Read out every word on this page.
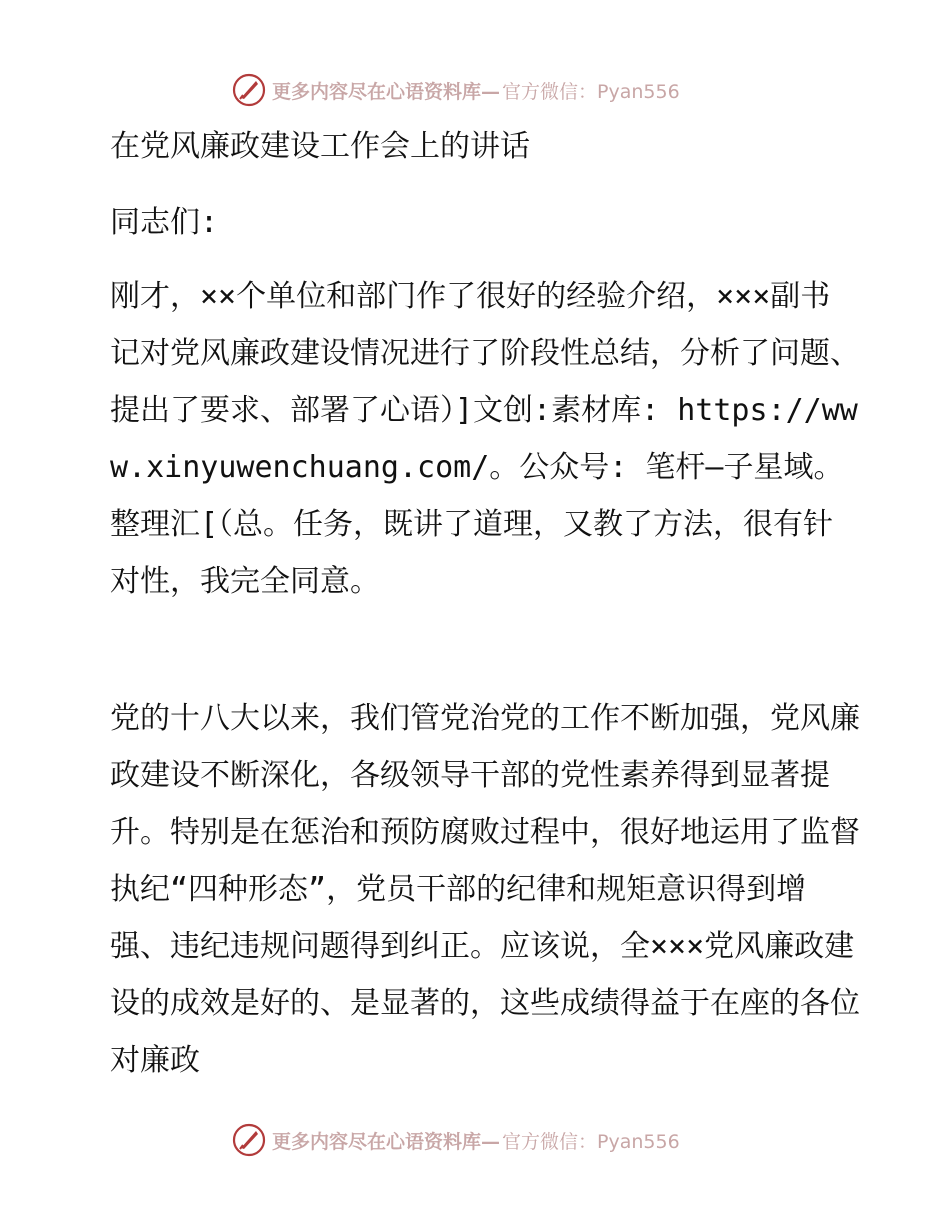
更多内容尽在心语资料库— 官方微信：Pyan556

在党风廉政建设工作会上的讲话

同志们:

刚才，××个单位和部门作了很好的经验介绍，×××副书记对党风廉政建设情况进行了阶段性总结，分析了问题、提出了要求、部署了心语）]文创:素材库: https://www.xinyuwenchuang.com/。公众号: 笔杆—子星域。整理汇[（总。任务，既讲了道理，又教了方法，很有针对性，我完全同意。

党的十八大以来，我们管党治党的工作不断加强，党风廉政建设不断深化，各级领导干部的党性素养得到显著提升。特别是在惩治和预防腐败过程中，很好地运用了监督执纪“四种形态”，党员干部的纪律和规矩意识得到增强、违纪违规问题得到纠正。应该说，全×××党风廉政建设的成效是好的、是显著的，这些成绩得益于在座的各位对廉政

更多内容尽在心语资料库— 官方微信：Pyan556
